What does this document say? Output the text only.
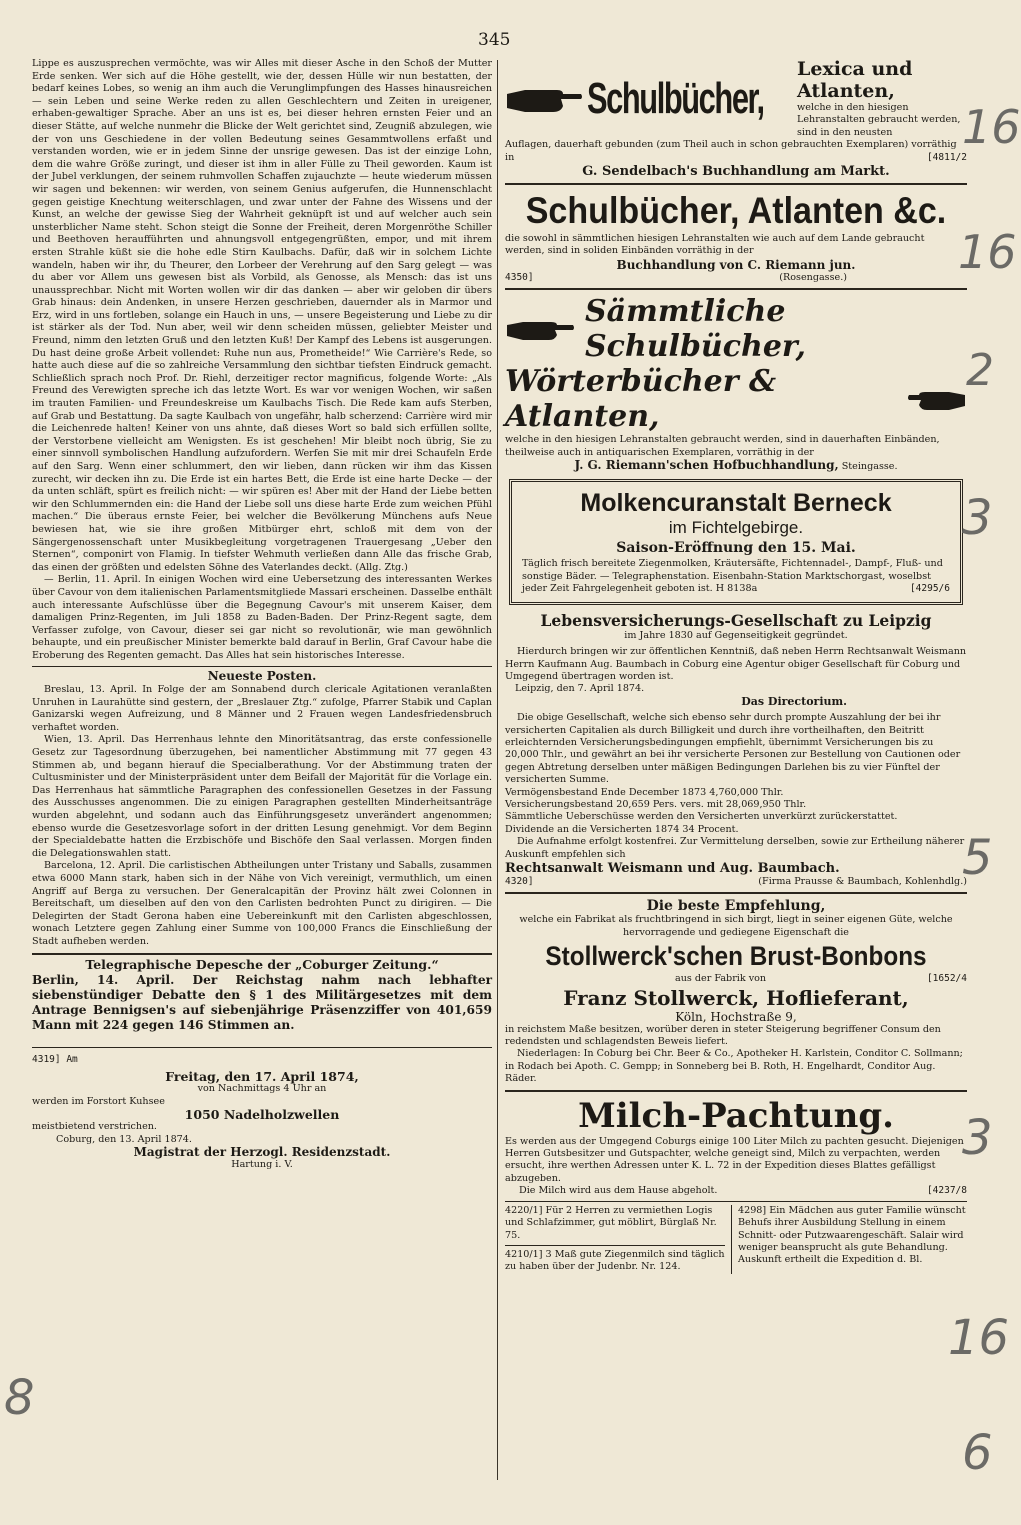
345

Lippe es auszusprechen vermöchte, was wir Alles mit dieser Asche in den Schoß der Mutter Erde senken. Wer sich auf die Höhe gestellt, wie der, dessen Hülle wir nun bestatten, der bedarf keines Lobes, so wenig an ihm auch die Verunglimpfungen des Hasses hinausreichen — sein Leben und seine Werke reden zu allen Geschlechtern und Zeiten in ureigener, erhaben-gewaltiger Sprache. Aber an uns ist es, bei dieser hehren ernsten Feier und an dieser Stätte, auf welche nunmehr die Blicke der Welt gerichtet sind, Zeugniß abzulegen, wie der von uns Geschiedene in der vollen Bedeutung seines Gesammtwollens erfaßt und verstanden worden, wie er in jedem Sinne der unsrige gewesen. Das ist der einzige Lohn, dem die wahre Größe zuringt, und dieser ist ihm in aller Fülle zu Theil geworden. Kaum ist der Jubel verklungen, der seinem ruhmvollen Schaffen zujauchzte — heute wiederum müssen wir sagen und bekennen: wir werden, von seinem Genius aufgerufen, die Hunnenschlacht gegen geistige Knechtung weiterschlagen, und zwar unter der Fahne des Wissens und der Kunst, an welche der gewisse Sieg der Wahrheit geknüpft ist und auf welcher auch sein unsterblicher Name steht. Schon steigt die Sonne der Freiheit, deren Morgenröthe Schiller und Beethoven heraufführten und ahnungsvoll entgegengrüßten, empor, und mit ihrem ersten Strahle küßt sie die hohe edle Stirn Kaulbachs. Dafür, daß wir in solchem Lichte wandeln, haben wir ihr, du Theurer, den Lorbeer der Verehrung auf den Sarg gelegt — was du aber vor Allem uns gewesen bist als Vorbild, als Genosse, als Mensch: das ist uns unaussprechbar. Nicht mit Worten wollen wir dir das danken — aber wir geloben dir übers Grab hinaus: dein Andenken, in unsere Herzen geschrieben, dauernder als in Marmor und Erz, wird in uns fortleben, solange ein Hauch in uns, — unsere Begeisterung und Liebe zu dir ist stärker als der Tod. Nun aber, weil wir denn scheiden müssen, geliebter Meister und Freund, nimm den letzten Gruß und den letzten Kuß! Der Kampf des Lebens ist ausgerungen. Du hast deine große Arbeit vollendet: Ruhe nun aus, Prometheide!“ Wie Carrière's Rede, so hatte auch diese auf die so zahlreiche Versammlung den sichtbar tiefsten Eindruck gemacht. Schließlich sprach noch Prof. Dr. Riehl, derzeitiger rector magnificus, folgende Worte: „Als Freund des Verewigten spreche ich das letzte Wort. Es war vor wenigen Wochen, wir saßen im trauten Familien- und Freundeskreise um Kaulbachs Tisch. Die Rede kam aufs Sterben, auf Grab und Bestattung. Da sagte Kaulbach von ungefähr, halb scherzend: Carrière wird mir die Leichenrede halten! Keiner von uns ahnte, daß dieses Wort so bald sich erfüllen sollte, der Verstorbene vielleicht am Wenigsten. Es ist geschehen! Mir bleibt noch übrig, Sie zu einer sinnvoll symbolischen Handlung aufzufordern. Werfen Sie mit mir drei Schaufeln Erde auf den Sarg. Wenn einer schlummert, den wir lieben, dann rücken wir ihm das Kissen zurecht, wir decken ihn zu. Die Erde ist ein hartes Bett, die Erde ist eine harte Decke — der da unten schläft, spürt es freilich nicht: — wir spüren es! Aber mit der Hand der Liebe betten wir den Schlummernden ein: die Hand der Liebe soll uns diese harte Erde zum weichen Pfühl machen.“ Die überaus ernste Feier, bei welcher die Bevölkerung Münchens aufs Neue bewiesen hat, wie sie ihre großen Mitbürger ehrt, schloß mit dem von der Sängergenossenschaft unter Musikbegleitung vorgetragenen Trauergesang „Ueber den Sternen“, componirt von Flamig. In tiefster Wehmuth verließen dann Alle das frische Grab, das einen der größten und edelsten Söhne des Vaterlandes deckt. (Allg. Ztg.)

— Berlin, 11. April. In einigen Wochen wird eine Uebersetzung des interessanten Werkes über Cavour von dem italienischen Parlamentsmitgliede Massari erscheinen. Dasselbe enthält auch interessante Aufschlüsse über die Begegnung Cavour's mit unserem Kaiser, dem damaligen Prinz-Regenten, im Juli 1858 zu Baden-Baden. Der Prinz-Regent sagte, dem Verfasser zufolge, von Cavour, dieser sei gar nicht so revolutionär, wie man gewöhnlich behaupte, und ein preußischer Minister bemerkte bald darauf in Berlin, Graf Cavour habe die Eroberung des Regenten gemacht. Das Alles hat sein historisches Interesse.

Neueste Posten.

Breslau, 13. April. In Folge der am Sonnabend durch clericale Agitationen veranlaßten Unruhen in Laurahütte sind gestern, der „Breslauer Ztg.“ zufolge, Pfarrer Stabik und Caplan Ganizarski wegen Aufreizung, und 8 Männer und 2 Frauen wegen Landesfriedensbruch verhaftet worden.

Wien, 13. April. Das Herrenhaus lehnte den Minoritätsantrag, das erste confessionelle Gesetz zur Tagesordnung überzugehen, bei namentlicher Abstimmung mit 77 gegen 43 Stimmen ab, und begann hierauf die Specialberathung. Vor der Abstimmung traten der Cultusminister und der Ministerpräsident unter dem Beifall der Majorität für die Vorlage ein. Das Herrenhaus hat sämmtliche Paragraphen des confessionellen Gesetzes in der Fassung des Ausschusses angenommen. Die zu einigen Paragraphen gestellten Minderheitsanträge wurden abgelehnt, und sodann auch das Einführungsgesetz unverändert angenommen; ebenso wurde die Gesetzesvorlage sofort in der dritten Lesung genehmigt. Vor dem Beginn der Specialdebatte hatten die Erzbischöfe und Bischöfe den Saal verlassen. Morgen finden die Delegationswahlen statt.

Barcelona, 12. April. Die carlistischen Abtheilungen unter Tristany und Saballs, zusammen etwa 6000 Mann stark, haben sich in der Nähe von Vich vereinigt, vermuthlich, um einen Angriff auf Berga zu versuchen. Der Generalcapitän der Provinz hält zwei Colonnen in Bereitschaft, um dieselben auf den von den Carlisten bedrohten Punct zu dirigiren. — Die Delegirten der Stadt Gerona haben eine Uebereinkunft mit den Carlisten abgeschlossen, wonach Letztere gegen Zahlung einer Summe von 100,000 Francs die Einschließung der Stadt aufheben werden.

Telegraphische Depesche der „Coburger Zeitung.“
Berlin, 14. April. Der Reichstag nahm nach lebhafter siebenstündiger Debatte den § 1 des Militärgesetzes mit dem Antrage Bennigsen's auf siebenjährige Präsenzziffer von 401,659 Mann mit 224 gegen 146 Stimmen an.
4319] Am
Freitag, den 17. April 1874,
von Nachmittags 4 Uhr an
werden im Forstort Kuhsee
1050 Nadelholzwellen
meistbietend verstrichen.
Coburg, den 13. April 1874.
Magistrat der Herzogl. Residenzstadt.
Hartung i. V.
Schulbücher,
Lexica und Atlanten,
welche in den hiesigen Lehranstalten gebraucht werden, sind in den neusten
Auflagen, dauerhaft gebunden (zum Theil auch in schon gebrauchten Exemplaren) vorräthig in	[4811/2
G. Sendelbach's Buchhandlung am Markt.
Schulbücher, Atlanten &c.
die sowohl in sämmtlichen hiesigen Lehranstalten wie auch auf dem Lande gebraucht werden, sind in soliden Einbänden vorräthig in der
Buchhandlung von C. Riemann jun.
4350]	(Rosengasse.)
Sämmtliche Schulbücher,
Wörterbücher & Atlanten,
welche in den hiesigen Lehranstalten gebraucht werden, sind in dauerhaften Einbänden, theilweise auch in antiquarischen Exemplaren, vorräthig in der
J. G. Riemann'schen Hofbuchhandlung, Steingasse.
Molkencuranstalt Berneck
im Fichtelgebirge.
Saison-Eröffnung den 15. Mai.
Täglich frisch bereitete Ziegenmolken, Kräutersäfte, Fichtennadel-, Dampf-, Fluß- und sonstige Bäder. — Telegraphenstation. Eisenbahn-Station Marktschorgast, woselbst jeder Zeit Fahrgelegenheit geboten ist. H 8138a	[4295/6
Lebensversicherungs-Gesellschaft zu Leipzig
im Jahre 1830 auf Gegenseitigkeit gegründet.
Hierdurch bringen wir zur öffentlichen Kenntniß, daß neben Herrn Rechtsanwalt Weismann Herrn Kaufmann Aug. Baumbach in Coburg eine Agentur obiger Gesellschaft für Coburg und Umgegend übertragen worden ist.
Leipzig, den 7. April 1874.
Das Directorium.
Die obige Gesellschaft, welche sich ebenso sehr durch prompte Auszahlung der bei ihr versicherten Capitalien als durch Billigkeit und durch ihre vortheilhaften, den Beitritt erleichternden Versicherungsbedingungen empfiehlt, übernimmt Versicherungen bis zu 20,000 Thlr., und gewährt an bei ihr versicherte Personen zur Bestellung von Cautionen oder gegen Abtretung derselben unter mäßigen Bedingungen Darlehen bis zu vier Fünftel der versicherten Summe.
Vermögensbestand Ende December 1873 4,760,000 Thlr.
Versicherungsbestand 20,659 Pers. vers. mit 28,069,950 Thlr.
Sämmtliche Ueberschüsse werden den Versicherten unverkürzt zurückerstattet.
Dividende an die Versicherten 1874 34 Procent.
Die Aufnahme erfolgt kostenfrei. Zur Vermittelung derselben, sowie zur Ertheilung näherer Auskunft empfehlen sich
Rechtsanwalt Weismann und Aug. Baumbach.
4320]	(Firma Prausse & Baumbach, Kohlenhdlg.)
Die beste Empfehlung,
welche ein Fabrikat als fruchtbringend in sich birgt, liegt in seiner eigenen Güte, welche hervorragende und gediegene Eigenschaft die
Stollwerck'schen Brust-Bonbons
aus der Fabrik von	[1652/4
Franz Stollwerck, Hoflieferant,
Köln, Hochstraße 9,
in reichstem Maße besitzen, worüber deren in steter Steigerung begriffener Consum den redendsten und schlagendsten Beweis liefert.
Niederlagen: In Coburg bei Chr. Beer & Co., Apotheker H. Karlstein, Conditor C. Sollmann; in Rodach bei Apoth. C. Gempp; in Sonneberg bei B. Roth, H. Engelhardt, Conditor Aug. Räder.
Milch-Pachtung.
Es werden aus der Umgegend Coburgs einige 100 Liter Milch zu pachten gesucht. Diejenigen Herren Gutsbesitzer und Gutspachter, welche geneigt sind, Milch zu verpachten, werden ersucht, ihre werthen Adressen unter K. L. 72 in der Expedition dieses Blattes gefälligst abzugeben.
Die Milch wird aus dem Hause abgeholt.	[4237/8
4220/1] Für 2 Herren zu vermiethen Logis und Schlafzimmer, gut möblirt, Bürglaß Nr. 75.
4210/1] 3 Maß gute Ziegenmilch sind täglich zu haben über der Judenbr. Nr. 124.
4298] Ein Mädchen aus guter Familie wünscht Behufs ihrer Ausbildung Stellung in einem Schnitt- oder Putzwaarengeschäft. Salair wird weniger beansprucht als gute Behandlung. Auskunft ertheilt die Expedition d. Bl.
16
16
2
3
5
3
16
6
8
